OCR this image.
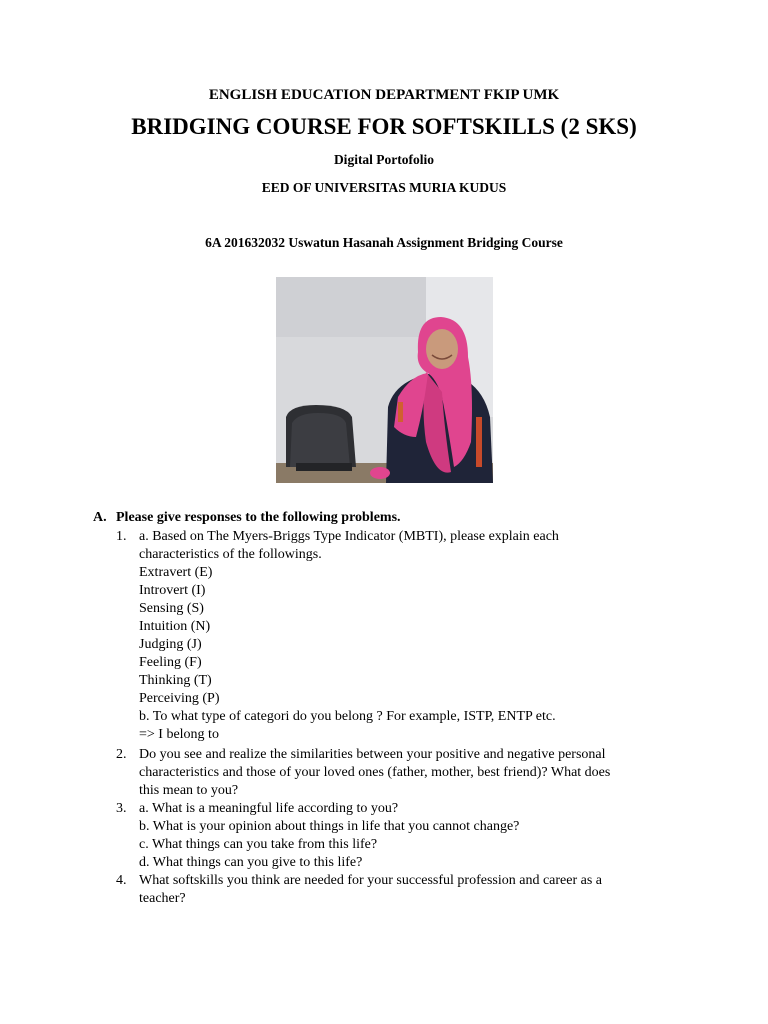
ENGLISH EDUCATION DEPARTMENT FKIP UMK
BRIDGING COURSE FOR SOFTSKILLS (2 SKS)
Digital Portofolio
EED OF UNIVERSITAS MURIA KUDUS
6A 201632032 Uswatun Hasanah Assignment Bridging Course
A. Please give responses to the following problems.
1. a. Based on The Myers-Briggs Type Indicator (MBTI), please explain each
characteristics of the followings.
Extravert (E)
Introvert (I)
Sensing (S)
Intuition (N)
Judging (J)
Feeling (F)
Thinking (T)
Perceiving (P)
b. To what type of categori do you belong ? For example, ISTP, ENTP etc.
=> I belong to
2. Do you see and realize the similarities between your positive and negative personal
characteristics and those of your loved ones (father, mother, best friend)? What does
this mean to you?
3. a. What is a meaningful life according to you?
b. What is your opinion about things in life that you cannot change?
c. What things can you take from this life?
d. What things can you give to this life?
4. What softskills you think are needed for your successful profession and career as a
teacher?
